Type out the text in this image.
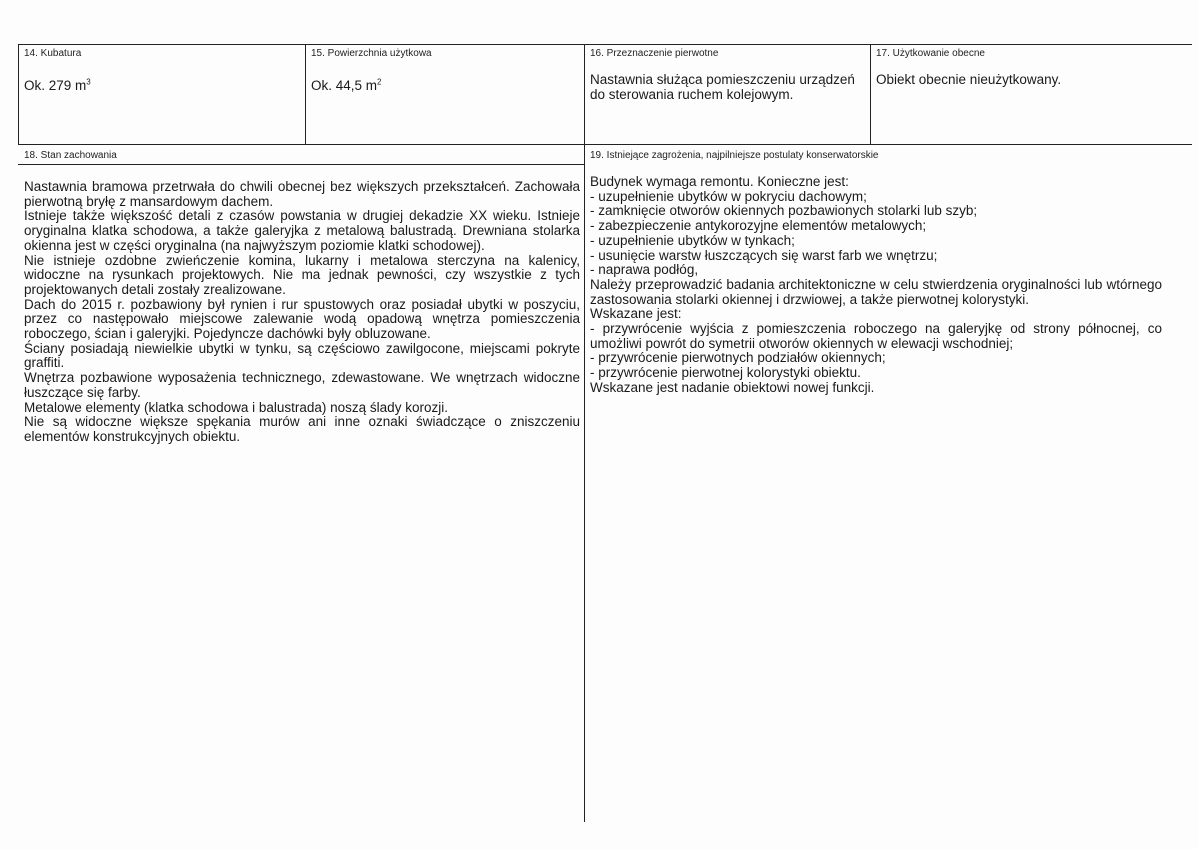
14. Kubatura
Ok. 279 $m^3$
15. Powierzchnia użytkowa
Ok. 44,5 $m^2$
16. Przeznaczenie pierwotne
Nastawnia służąca pomieszczeniu urządzeń do sterowania ruchem kolejowym.
17. Użytkowanie obecne
Obiekt obecnie nieużytkowany.
18. Stan zachowania

Nastawnia bramowa przetrwała do chwili obecnej bez większych przekształceń. Zachowała pierwotną bryłę z mansardowym dachem.

Istnieje także większość detali z czasów powstania w drugiej dekadzie XX wieku. Istnieje oryginalna klatka schodowa, a także galeryjka z metalową balustradą. Drewniana stolarka okienna jest w części oryginalna (na najwyższym poziomie klatki schodowej).

Nie istnieje ozdobne zwieńczenie komina, lukarny i metalowa sterczyna na kalenicy, widoczne na rysunkach projektowych. Nie ma jednak pewności, czy wszystkie z tych projektowanych detali zostały zrealizowane.

Dach do 2015 r. pozbawiony był rynien i rur spustowych oraz posiadał ubytki w poszyciu, przez co następowało miejscowe zalewanie wodą opadową wnętrza pomieszczenia roboczego, ścian i galeryjki. Pojedyncze dachówki były obluzowane.

Ściany posiadają niewielkie ubytki w tynku, są częściowo zawilgocone, miejscami pokryte graffiti.

Wnętrza pozbawione wyposażenia technicznego, zdewastowane. We wnętrzach widoczne łuszczące się farby.

Metalowe elementy (klatka schodowa i balustrada) noszą ślady korozji.

Nie są widoczne większe spękania murów ani inne oznaki świadczące o zniszczeniu elementów konstrukcyjnych obiektu.

19. Istniejące zagrożenia, najpilniejsze postulaty konserwatorskie

Budynek wymaga remontu. Konieczne jest:

- uzupełnienie ubytków w pokryciu dachowym;

- zamknięcie otworów okiennych pozbawionych stolarki lub szyb;

- zabezpieczenie antykorozyjne elementów metalowych;

- uzupełnienie ubytków w tynkach;

- usunięcie warstw łuszczących się warst farb we wnętrzu;

- naprawa podłóg,

Należy przeprowadzić badania architektoniczne w celu stwierdzenia oryginalności lub wtórnego zastosowania stolarki okiennej i drzwiowej, a także pierwotnej kolorystyki.

Wskazane jest:

- przywrócenie wyjścia z pomieszczenia roboczego na galeryjkę od strony północnej, co umożliwi powrót do symetrii otworów okiennych w elewacji wschodniej;

- przywrócenie pierwotnych podziałów okiennych;

- przywrócenie pierwotnej kolorystyki obiektu.

Wskazane jest nadanie obiektowi nowej funkcji.
